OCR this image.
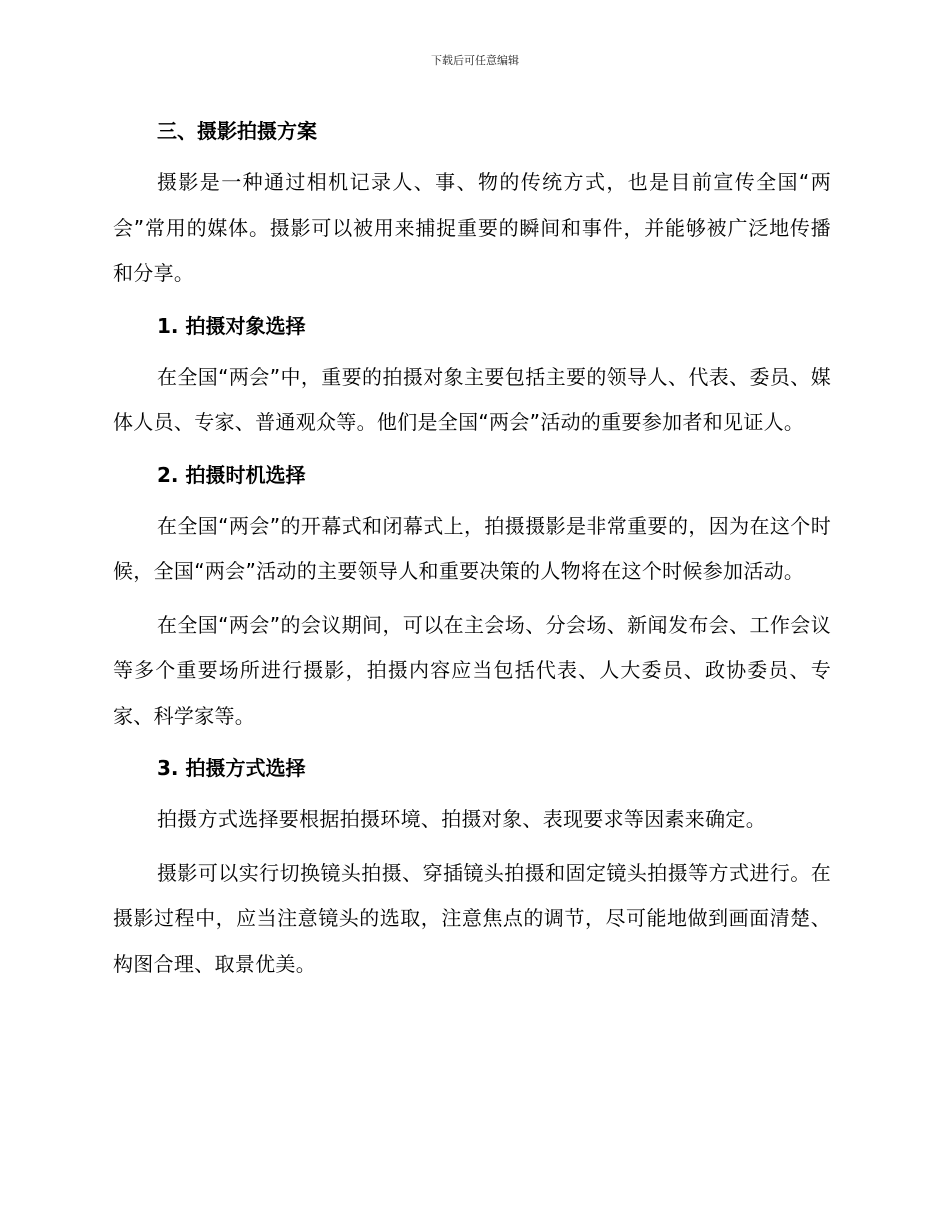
下载后可任意编辑
三、摄影拍摄方案

摄影是一种通过相机记录人、事、物的传统方式，也是目前宣传全国“两会”常用的媒体。摄影可以被用来捕捉重要的瞬间和事件，并能够被广泛地传播和分享。

1. 拍摄对象选择

在全国“两会”中，重要的拍摄对象主要包括主要的领导人、代表、委员、媒体人员、专家、普通观众等。他们是全国“两会”活动的重要参加者和见证人。

2. 拍摄时机选择

在全国“两会”的开幕式和闭幕式上，拍摄摄影是非常重要的，因为在这个时候，全国“两会”活动的主要领导人和重要决策的人物将在这个时候参加活动。

在全国“两会”的会议期间，可以在主会场、分会场、新闻发布会、工作会议等多个重要场所进行摄影，拍摄内容应当包括代表、人大委员、政协委员、专家、科学家等。

3. 拍摄方式选择

拍摄方式选择要根据拍摄环境、拍摄对象、表现要求等因素来确定。

摄影可以实行切换镜头拍摄、穿插镜头拍摄和固定镜头拍摄等方式进行。在摄影过程中，应当注意镜头的选取，注意焦点的调节，尽可能地做到画面清楚、构图合理、取景优美。
